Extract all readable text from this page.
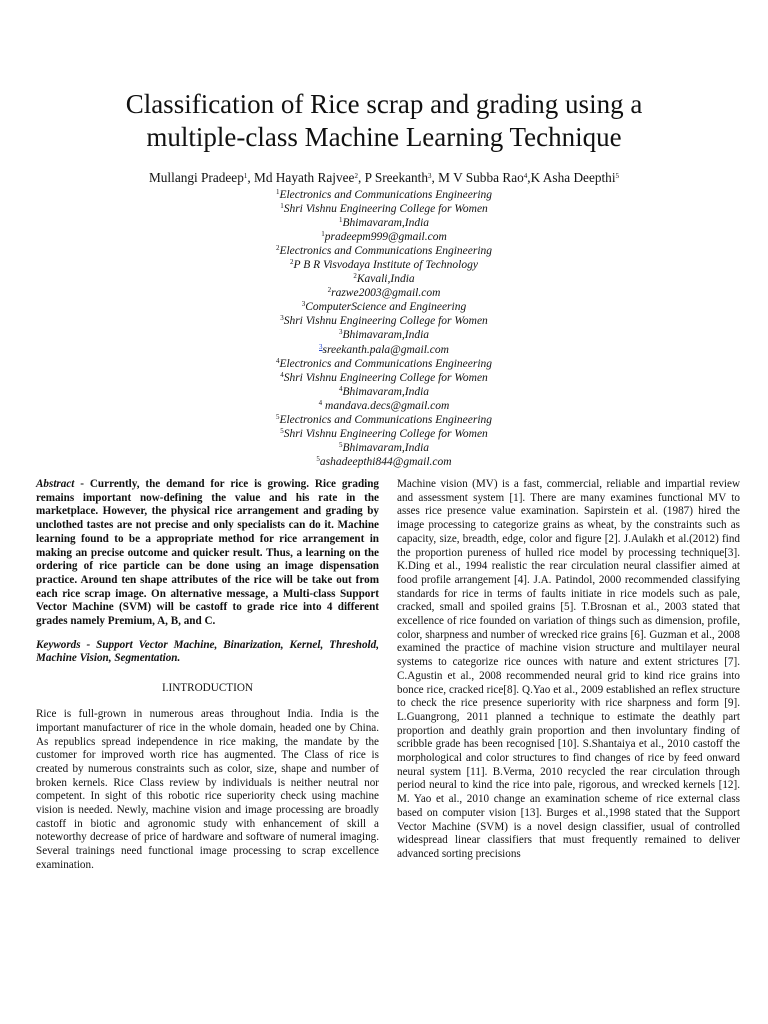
Classification of Rice scrap and grading using a
multiple-class Machine Learning Technique
Mullangi Pradeep$^1$, Md Hayath Rajvee$^2$, P Sreekanth$^3$, M V Subba Rao$^4$,K Asha Deepthi$^5$
$^1$Electronics and Communications Engineering
$^1$Shri Vishnu Engineering College for Women
$^1$Bhimavaram,India
$^1$pradeepm999@gmail.com
$^2$Electronics and Communications Engineering
$^2$P B R Visvodaya Institute of Technology
$^2$Kavali,India
$^2$razwe2003@gmail.com
$^3$ComputerScience and Engineering
$^3$Shri Vishnu Engineering College for Women
$^3$Bhimavaram,India
$^3$sreekanth.pala@gmail.com
$^4$Electronics and Communications Engineering
$^4$Shri Vishnu Engineering College for Women
$^4$Bhimavaram,India
$^4$ mandava.decs@gmail.com
$^5$Electronics and Communications Engineering
$^5$Shri Vishnu Engineering College for Women
$^5$Bhimavaram,India
$^5$ashadeepthi844@gmail.com

Abstract - Currently, the demand for rice is growing. Rice grading remains important now-defining the value and his rate in the marketplace. However, the physical rice arrangement and grading by unclothed tastes are not precise and only specialists can do it. Machine learning found to be a appropriate method for rice arrangement in making an precise outcome and quicker result. Thus, a learning on the ordering of rice particle can be done using an image dispensation practice. Around ten shape attributes of the rice will be take out from each rice scrap image. On alternative message, a Multi-class Support Vector Machine (SVM) will be castoff to grade rice into 4 different grades namely Premium, A, B, and C.

Keywords - Support Vector Machine, Binarization, Kernel, Threshold, Machine Vision, Segmentation.

I.INTRODUCTION

Rice is full-grown in numerous areas throughout India. India is the important manufacturer of rice in the whole domain, headed one by China. As republics spread independence in rice making, the mandate by the customer for improved worth rice has augmented. The Class of rice is created by numerous constraints such as color, size, shape and number of broken kernels. Rice Class review by individuals is neither neutral nor competent. In sight of this robotic rice superiority check using machine vision is needed. Newly, machine vision and image processing are broadly castoff in biotic and agronomic study with enhancement of skill a noteworthy decrease of price of hardware and software of numeral imaging. Several trainings need functional image processing to scrap excellence examination.

Machine vision (MV) is a fast, commercial, reliable and impartial review and assessment system [1]. There are many examines functional MV to asses rice presence value examination. Sapirstein et al. (1987) hired the image processing to categorize grains as wheat, by the constraints such as capacity, size, breadth, edge, color and figure [2]. J.Aulakh et al.(2012) find the proportion pureness of hulled rice model by processing technique[3]. K.Ding et al., 1994 realistic the rear circulation neural classifier aimed at food profile arrangement [4]. J.A. Patindol, 2000 recommended classifying standards for rice in terms of faults initiate in rice models such as pale, cracked, small and spoiled grains [5]. T.Brosnan et al., 2003 stated that excellence of rice founded on variation of things such as dimension, profile, color, sharpness and number of wrecked rice grains [6]. Guzman et al., 2008 examined the practice of machine vision structure and multilayer neural systems to categorize rice ounces with nature and extent strictures [7]. C.Agustin et al., 2008 recommended neural grid to kind rice grains into bonce rice, cracked rice[8]. Q.Yao et al., 2009 established an reflex structure to check the rice presence superiority with rice sharpness and form [9]. L.Guangrong, 2011 planned a technique to estimate the deathly part proportion and deathly grain proportion and then involuntary finding of scribble grade has been recognised [10]. S.Shantaiya et al., 2010 castoff the morphological and color structures to find changes of rice by feed onward neural system [11]. B.Verma, 2010 recycled the rear circulation through period neural to kind the rice into pale, rigorous, and wrecked kernels [12]. M. Yao et al., 2010 change an examination scheme of rice external class based on computer vision [13]. Burges et al.,1998 stated that the Support Vector Machine (SVM) is a novel design classifier, usual of controlled widespread linear classifiers that must frequently remained to deliver advanced sorting precisions
